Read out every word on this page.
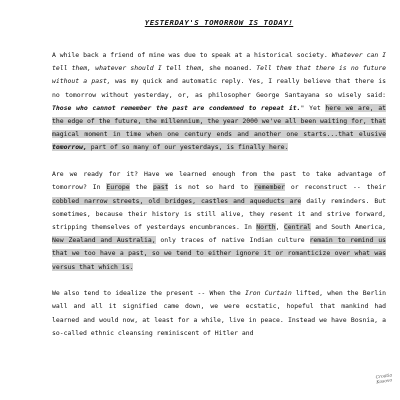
YESTERDAY'S TOMORROW IS TODAY!

A while back a friend of mine was due to speak at a historical society. Whatever can I tell them, whatever should I tell them, she moaned. Tell them that there is no future without a past, was my quick and automatic reply. Yes, I really believe that there is no tomorrow without yesterday, or, as philosopher George Santayana so wisely said: Those who cannot remember the past are condemned to repeat it." Yet here we are, at the edge of the future, the millennium, the year 2000 we've all been waiting for, that magical moment in time when one century ends and another one starts...that elusive tomorrow, part of so many of our yesterdays, is finally here.

Are we ready for it? Have we learned enough from the past to take advantage of tomorrow? In Europe the past is not so hard to remember or reconstruct -- their cobbled narrow streets, old bridges, castles and aqueducts are daily reminders. But sometimes, because their history is still alive, they resent it and strive forward, stripping themselves of yesterdays encumbrances. In North, Central and South America, New Zealand and Australia, only traces of native Indian culture remain to remind us that we too have a past, so we tend to either ignore it or romanticize over what was versus that which is.

We also tend to idealize the present -- When the Iron Curtain lifted, when the Berlin wall and all it signified came down, we were ecstatic, hopeful that mankind had learned and would now, at least for a while, live in peace. Instead we have Bosnia, a so-called ethnic cleansing reminiscent of Hitler and

Croatia Kosovo
